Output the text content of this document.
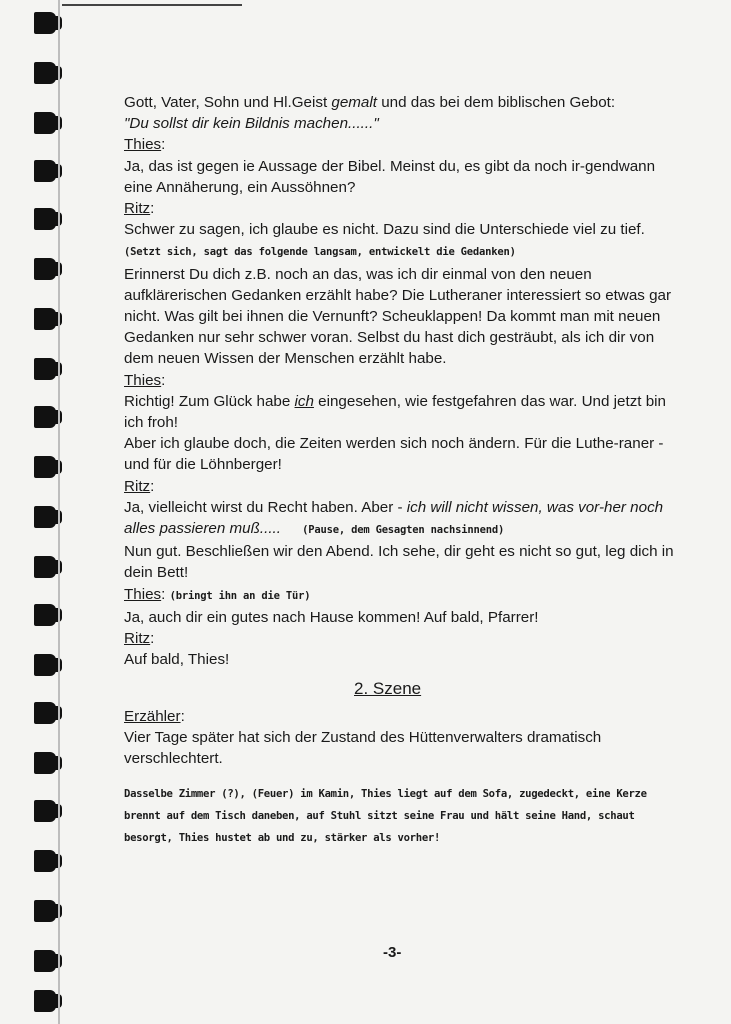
Gott, Vater, Sohn und Hl.Geist gemalt und das bei dem biblischen Gebot:

"Du sollst dir kein Bildnis machen......"

Thies:

Ja, das ist gegen ie Aussage der Bibel. Meinst du, es gibt da noch ir-gendwann eine Annäherung, ein Aussöhnen?

Ritz:

Schwer zu sagen, ich glaube es nicht. Dazu sind die Unterschiede viel zu tief. (Setzt sich, sagt das folgende langsam, entwickelt die Gedanken)

Erinnerst Du dich z.B. noch an das, was ich dir einmal von den neuen aufklärerischen Gedanken erzählt habe? Die Lutheraner interessiert so etwas gar nicht. Was gilt bei ihnen die Vernunft? Scheuklappen! Da kommt man mit neuen Gedanken nur sehr schwer voran. Selbst du hast dich gesträubt, als ich dir von dem neuen Wissen der Menschen erzählt habe.

Thies:

Richtig! Zum Glück habe ich eingesehen, wie festgefahren das war. Und jetzt bin ich froh!

Aber ich glaube doch, die Zeiten werden sich noch ändern. Für die Luthe-raner - und für die Löhnberger!

Ritz:

Ja, vielleicht wirst du Recht haben. Aber - ich will nicht wissen, was vor-her noch alles passieren muß..... (Pause, dem Gesagten nachsinnend)

Nun gut. Beschließen wir den Abend. Ich sehe, dir geht es nicht so gut, leg dich in dein Bett!

Thies: (bringt ihn an die Tür)

Ja, auch dir ein gutes nach Hause kommen! Auf bald, Pfarrer!

Ritz:

Auf bald, Thies!

2. Szene

Erzähler:

Vier Tage später hat sich der Zustand des Hüttenverwalters dramatisch verschlechtert.

Dasselbe Zimmer (?), (Feuer) im Kamin, Thies liegt auf dem Sofa, zugedeckt, eine Kerze brennt auf dem Tisch daneben, auf Stuhl sitzt seine Frau und hält seine Hand, schaut besorgt, Thies hustet ab und zu, stärker als vorher!

-3-
